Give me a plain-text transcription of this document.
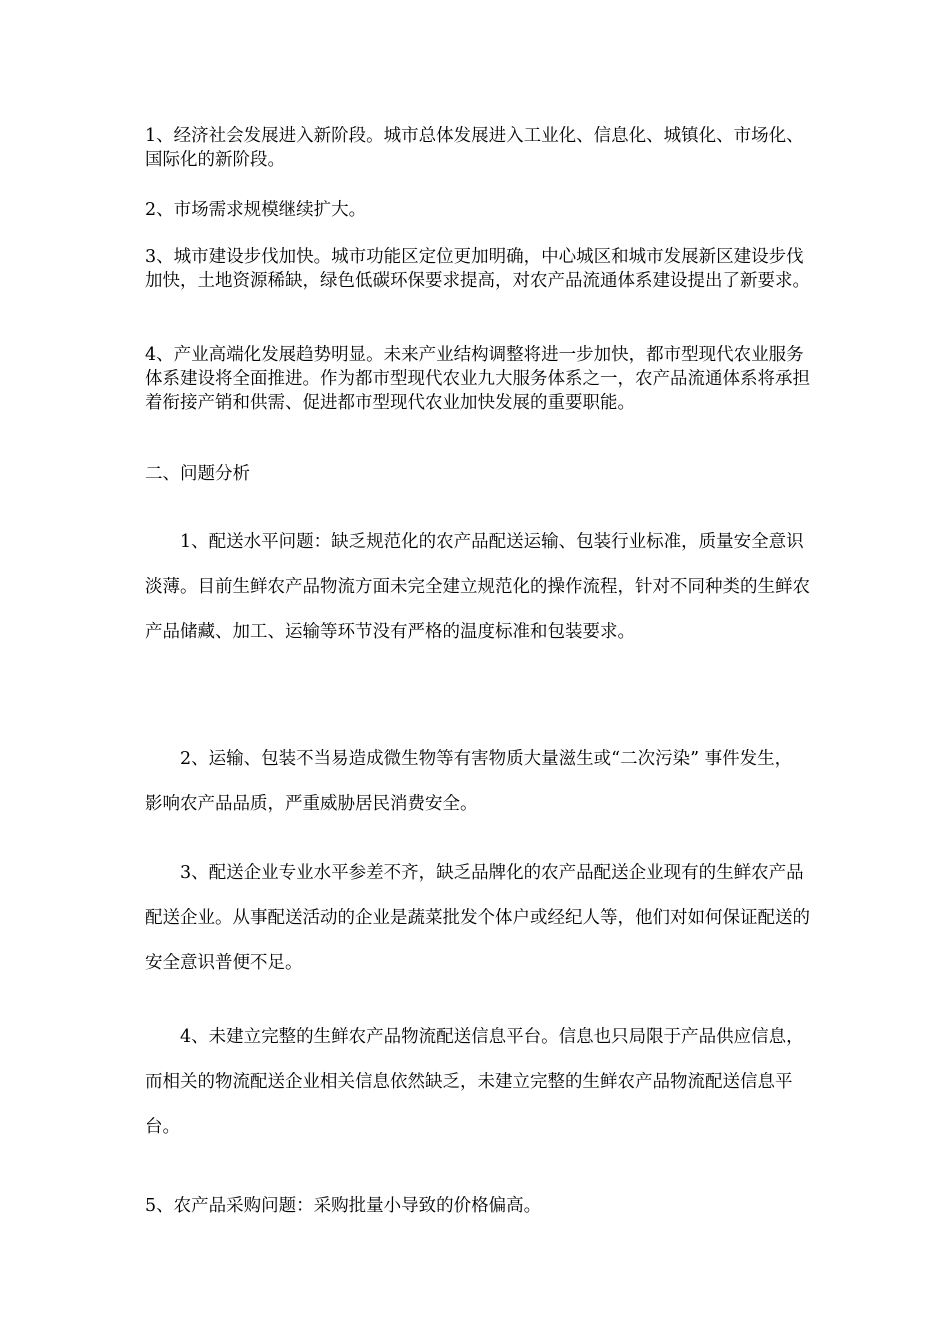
1、经济社会发展进入新阶段。城市总体发展进入工业化、信息化、城镇化、市场化、国际化的新阶段。

2、市场需求规模继续扩大。

3、城市建设步伐加快。城市功能区定位更加明确，中心城区和城市发展新区建设步伐加快，土地资源稀缺，绿色低碳环保要求提高，对农产品流通体系建设提出了新要求。

4、产业高端化发展趋势明显。未来产业结构调整将进一步加快，都市型现代农业服务体系建设将全面推进。作为都市型现代农业九大服务体系之一，农产品流通体系将承担着衔接产销和供需、促进都市型现代农业加快发展的重要职能。

二、问题分析

1、配送水平问题：缺乏规范化的农产品配送运输、包装行业标准，质量安全意识淡薄。目前生鲜农产品物流方面未完全建立规范化的操作流程，针对不同种类的生鲜农产品储藏、加工、运输等环节没有严格的温度标准和包装要求。

2、运输、包装不当易造成微生物等有害物质大量滋生或“二次污染” 事件发生， 影响农产品品质，严重威胁居民消费安全。

3、配送企业专业水平参差不齐，缺乏品牌化的农产品配送企业现有的生鲜农产品配送企业。从事配送活动的企业是蔬菜批发个体户或经纪人等，他们对如何保证配送的安全意识普便不足。

4、未建立完整的生鲜农产品物流配送信息平台。信息也只局限于产品供应信息，而相关的物流配送企业相关信息依然缺乏，未建立完整的生鲜农产品物流配送信息平台。

5、农产品采购问题：采购批量小导致的价格偏高。
